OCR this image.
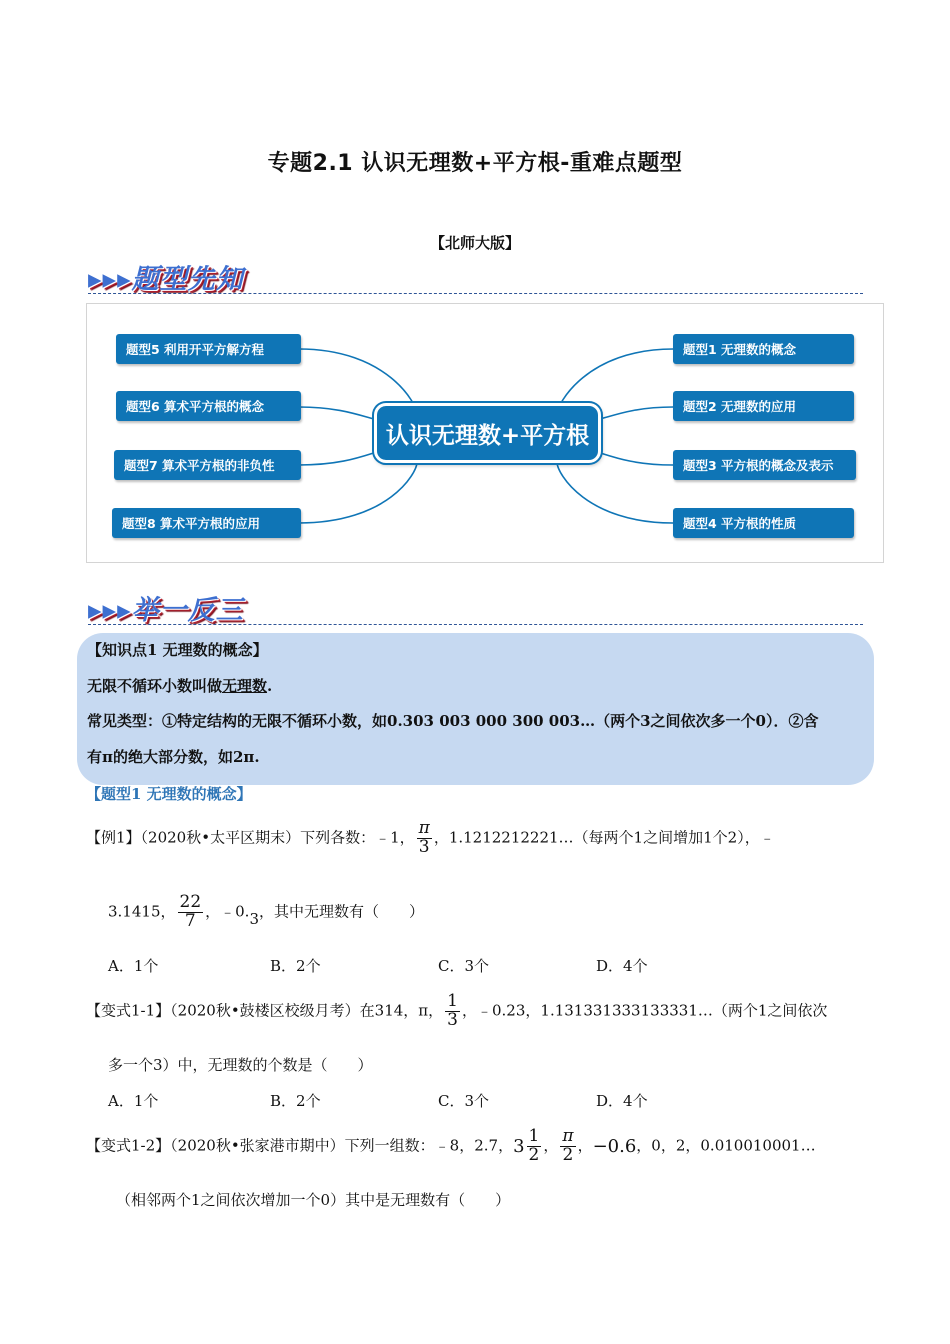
专题2.1 认识无理数+平方根-重难点题型
【北师大版】
▸▸▸题型先知
题型5 利用开平方解方程
题型6 算术平方根的概念
题型7 算术平方根的非负性
题型8 算术平方根的应用
题型1 无理数的概念
题型2 无理数的应用
题型3 平方根的概念及表示
题型4 平方根的性质
认识无理数+平方根
▸▸▸举一反三
【知识点1 无理数的概念】
无限不循环小数叫做无理数.
常见类型：①特定结构的无限不循环小数，如0.303 003 000 300 003…（两个3之间依次多一个0）．②含
有π的绝大部分数，如2π.
【题型1 无理数的概念】
【例1】（2020秋•太平区期末）下列各数：﹣1， $\frac{\pi}{3}$ ，1.1212212221…（每两个1之间增加1个2），﹣
3.1415， $\frac{22}{7}$ ，﹣0.3，其中无理数有（　　）
A．1个	B．2个	C．3个	D．4个
【变式1-1】（2020秋•鼓楼区校级月考）在314，π， $\frac{1}{3}$ ，﹣0.23，1.131331333133331…（两个1之间依次
多一个3）中，无理数的个数是（　　）
A．1个	B．2个	C．3个	D．4个
【变式1-2】（2020秋•张家港市期中）下列一组数：﹣8，2.7，$3 \frac{1}{2}$ ， $\frac{\pi}{2}$ ，−0.6，0，2，0.010010001…
（相邻两个1之间依次增加一个0）其中是无理数有（　　）
